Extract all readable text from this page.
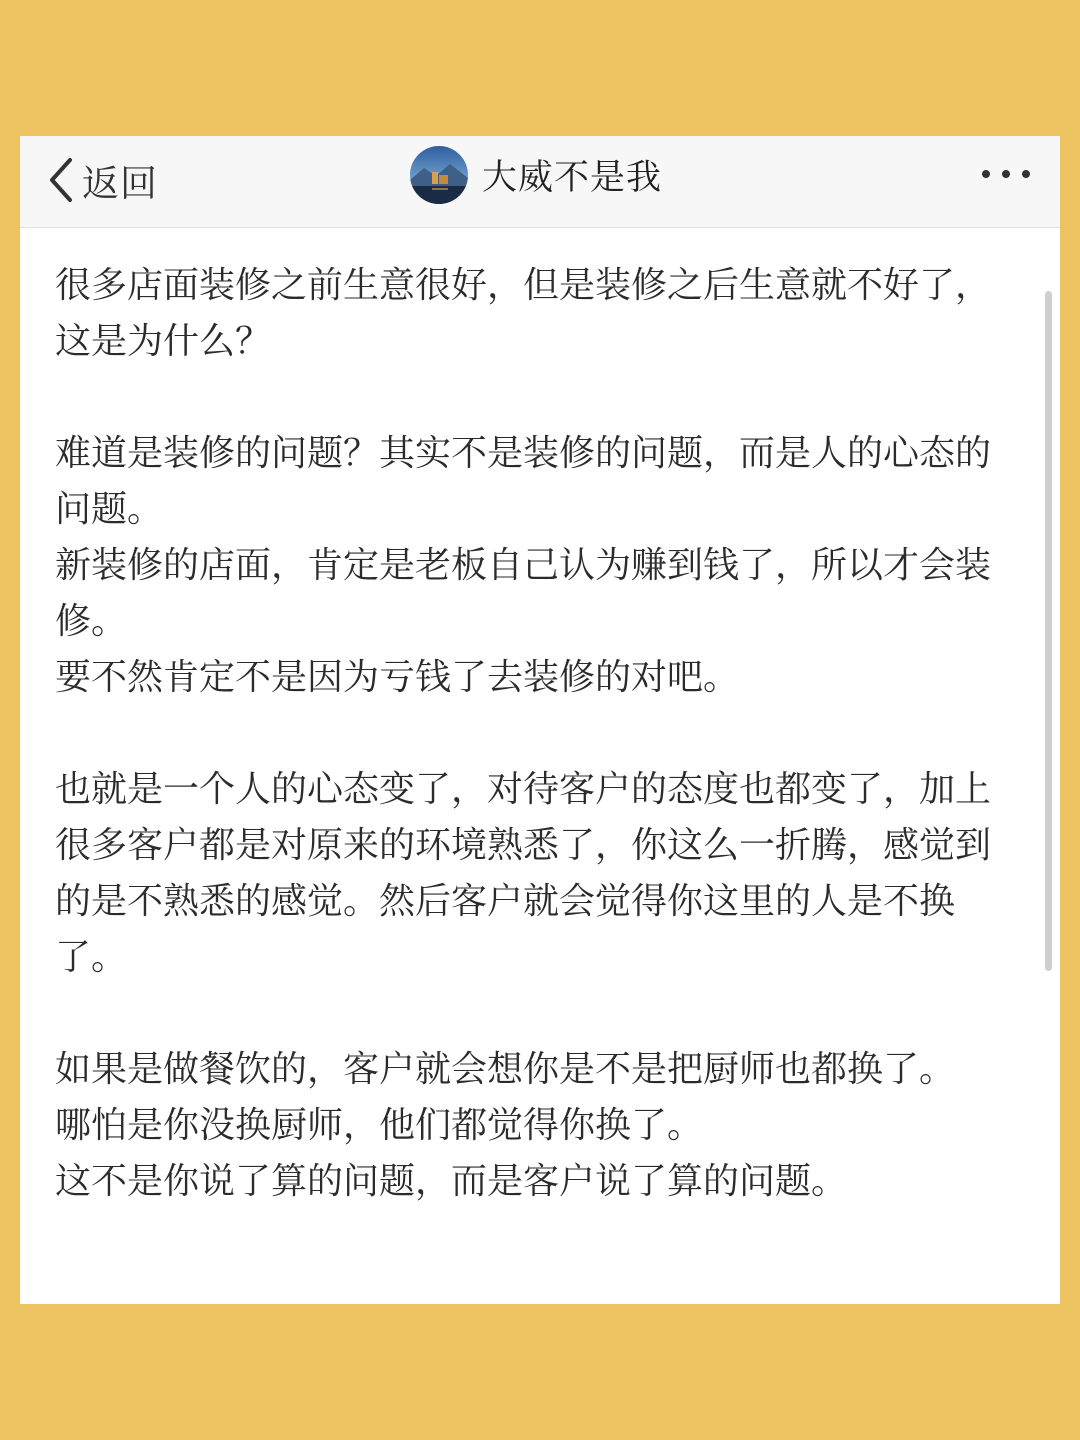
返回	大威不是我

很多店面装修之前生意很好，但是装修之后生意就不好了，这是为什么？

难道是装修的问题？其实不是装修的问题，而是人的心态的问题。
新装修的店面，肯定是老板自己认为赚到钱了，所以才会装修。
要不然肯定不是因为亏钱了去装修的对吧。

也就是一个人的心态变了，对待客户的态度也都变了，加上很多客户都是对原来的环境熟悉了，你这么一折腾，感觉到的是不熟悉的感觉。然后客户就会觉得你这里的人是不换了。

如果是做餐饮的，客户就会想你是不是把厨师也都换了。
哪怕是你没换厨师，他们都觉得你换了。
这不是你说了算的问题，而是客户说了算的问题。
